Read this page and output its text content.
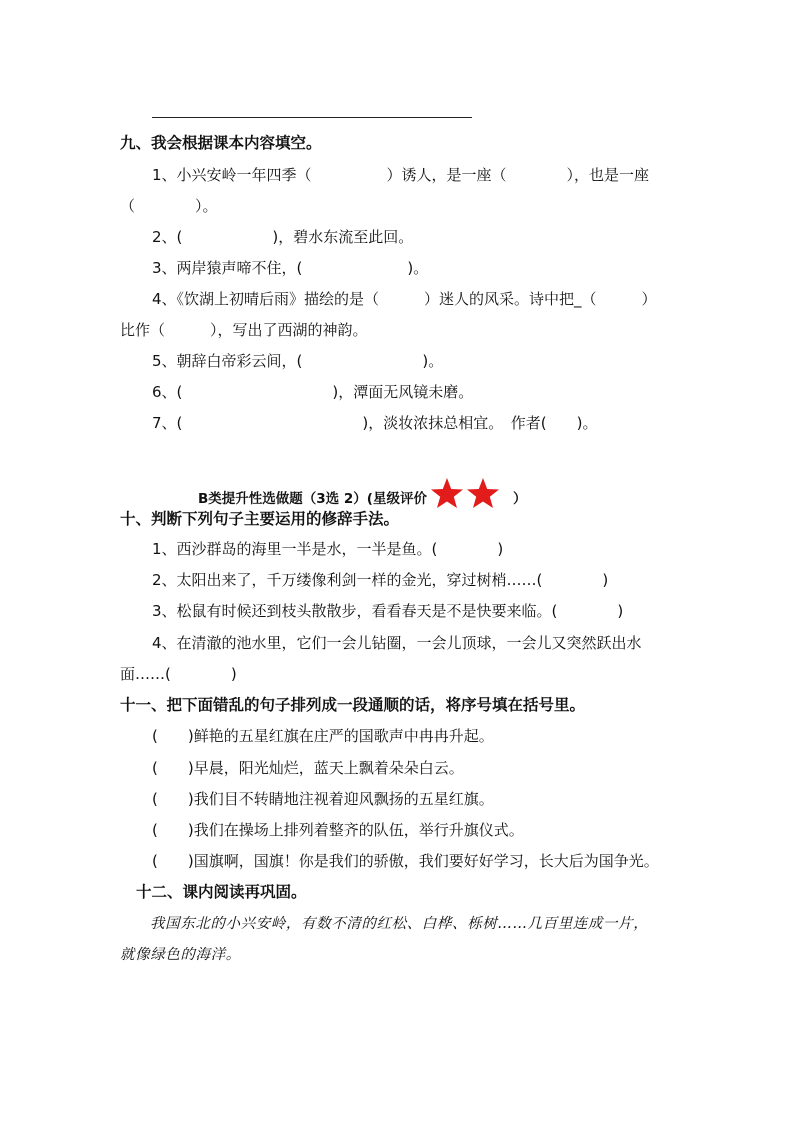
九、我会根据课本内容填空。
1、小兴安岭一年四季（　　　　　）诱人，是一座（　　　　），也是一座
（　　　　）。
2、(　　　　　　)，碧水东流至此回。
3、两岸猿声啼不住，(　　　　　　　)。
4、《饮湖上初晴后雨》描绘的是（　　　）迷人的风采。诗中把_（　　　）
比作（　　　），写出了西湖的神韵。
5、朝辞白帝彩云间，(　　　　　　　　)。
6、(　　　　　　　　　　)，潭面无风镜未磨。
7、(　　　　　　　　　　　　)，淡妆浓抹总相宜。　作者(　　)。
B类提升性选做题（3选 2）(星级评价	）
十、判断下列句子主要运用的修辞手法。
1、西沙群岛的海里一半是水，一半是鱼。(　　　　)
2、太阳出来了，千万缕像利剑一样的金光，穿过树梢……(　　　　)
3、松鼠有时候还到枝头散散步，看看春天是不是快要来临。(　　　　)
4、在清澈的池水里，它们一会儿钻圈，一会儿顶球，一会儿又突然跃出水
面……(　　　　)
十一、把下面错乱的句子排列成一段通顺的话，将序号填在括号里。
(　　)鲜艳的五星红旗在庄严的国歌声中冉冉升起。
(　　)早晨，阳光灿烂，蓝天上飘着朵朵白云。
(　　)我们目不转睛地注视着迎风飘扬的五星红旗。
(　　)我们在操场上排列着整齐的队伍，举行升旗仪式。
(　　)国旗啊，国旗！你是我们的骄傲，我们要好好学习，长大后为国争光。
十二、课内阅读再巩固。
我国东北的小兴安岭，有数不清的红松、白桦、栎树……几百里连成一片，
就像绿色的海洋。
